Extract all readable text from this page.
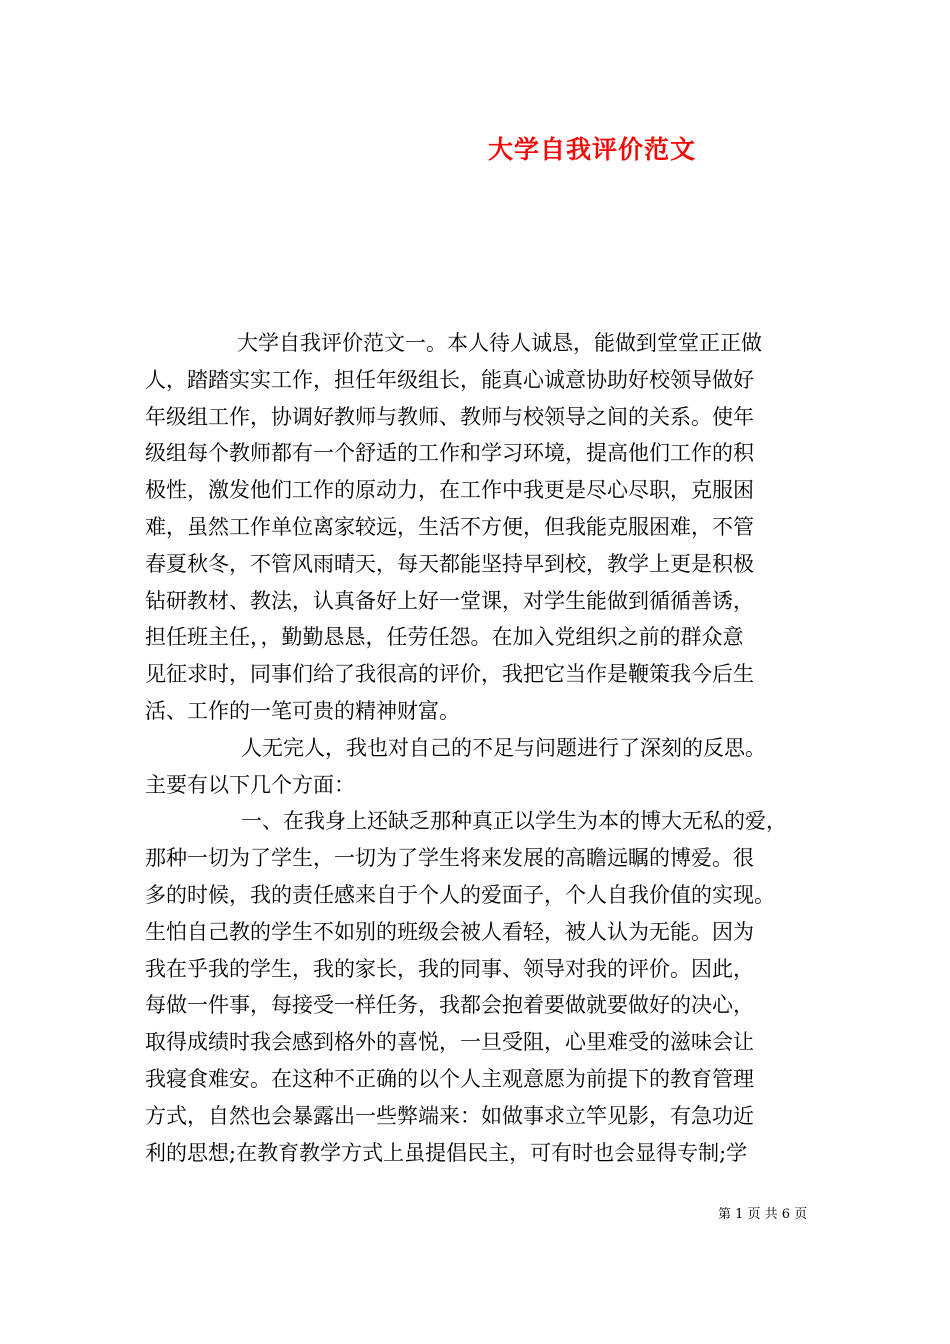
大学自我评价范文
大学自我评价范文一。本人待人诚恳，能做到堂堂正正做
人，踏踏实实工作，担任年级组长，能真心诚意协助好校领导做好
年级组工作，协调好教师与教师、教师与校领导之间的关系。使年
级组每个教师都有一个舒适的工作和学习环境，提高他们工作的积
极性，激发他们工作的原动力，在工作中我更是尽心尽职，克服困
难，虽然工作单位离家较远，生活不方便，但我能克服困难，不管
春夏秋冬，不管风雨晴天，每天都能坚持早到校，教学上更是积极
钻研教材、教法，认真备好上好一堂课，对学生能做到循循善诱，
担任班主任，，勤勤恳恳，任劳任怨。在加入党组织之前的群众意
见征求时，同事们给了我很高的评价，我把它当作是鞭策我今后生
活、工作的一笔可贵的精神财富。
人无完人，我也对自己的不足与问题进行了深刻的反思。
主要有以下几个方面：
一、在我身上还缺乏那种真正以学生为本的博大无私的爱，
那种一切为了学生，一切为了学生将来发展的高瞻远瞩的博爱。很
多的时候，我的责任感来自于个人的爱面子，个人自我价值的实现。
生怕自己教的学生不如别的班级会被人看轻，被人认为无能。因为
我在乎我的学生，我的家长，我的同事、领导对我的评价。因此，
每做一件事，每接受一样任务，我都会抱着要做就要做好的决心，
取得成绩时我会感到格外的喜悦，一旦受阻，心里难受的滋味会让
我寝食难安。在这种不正确的以个人主观意愿为前提下的教育管理
方式，自然也会暴露出一些弊端来：如做事求立竿见影，有急功近
利的思想;在教育教学方式上虽提倡民主，可有时也会显得专制;学
第 1 页 共 6 页
